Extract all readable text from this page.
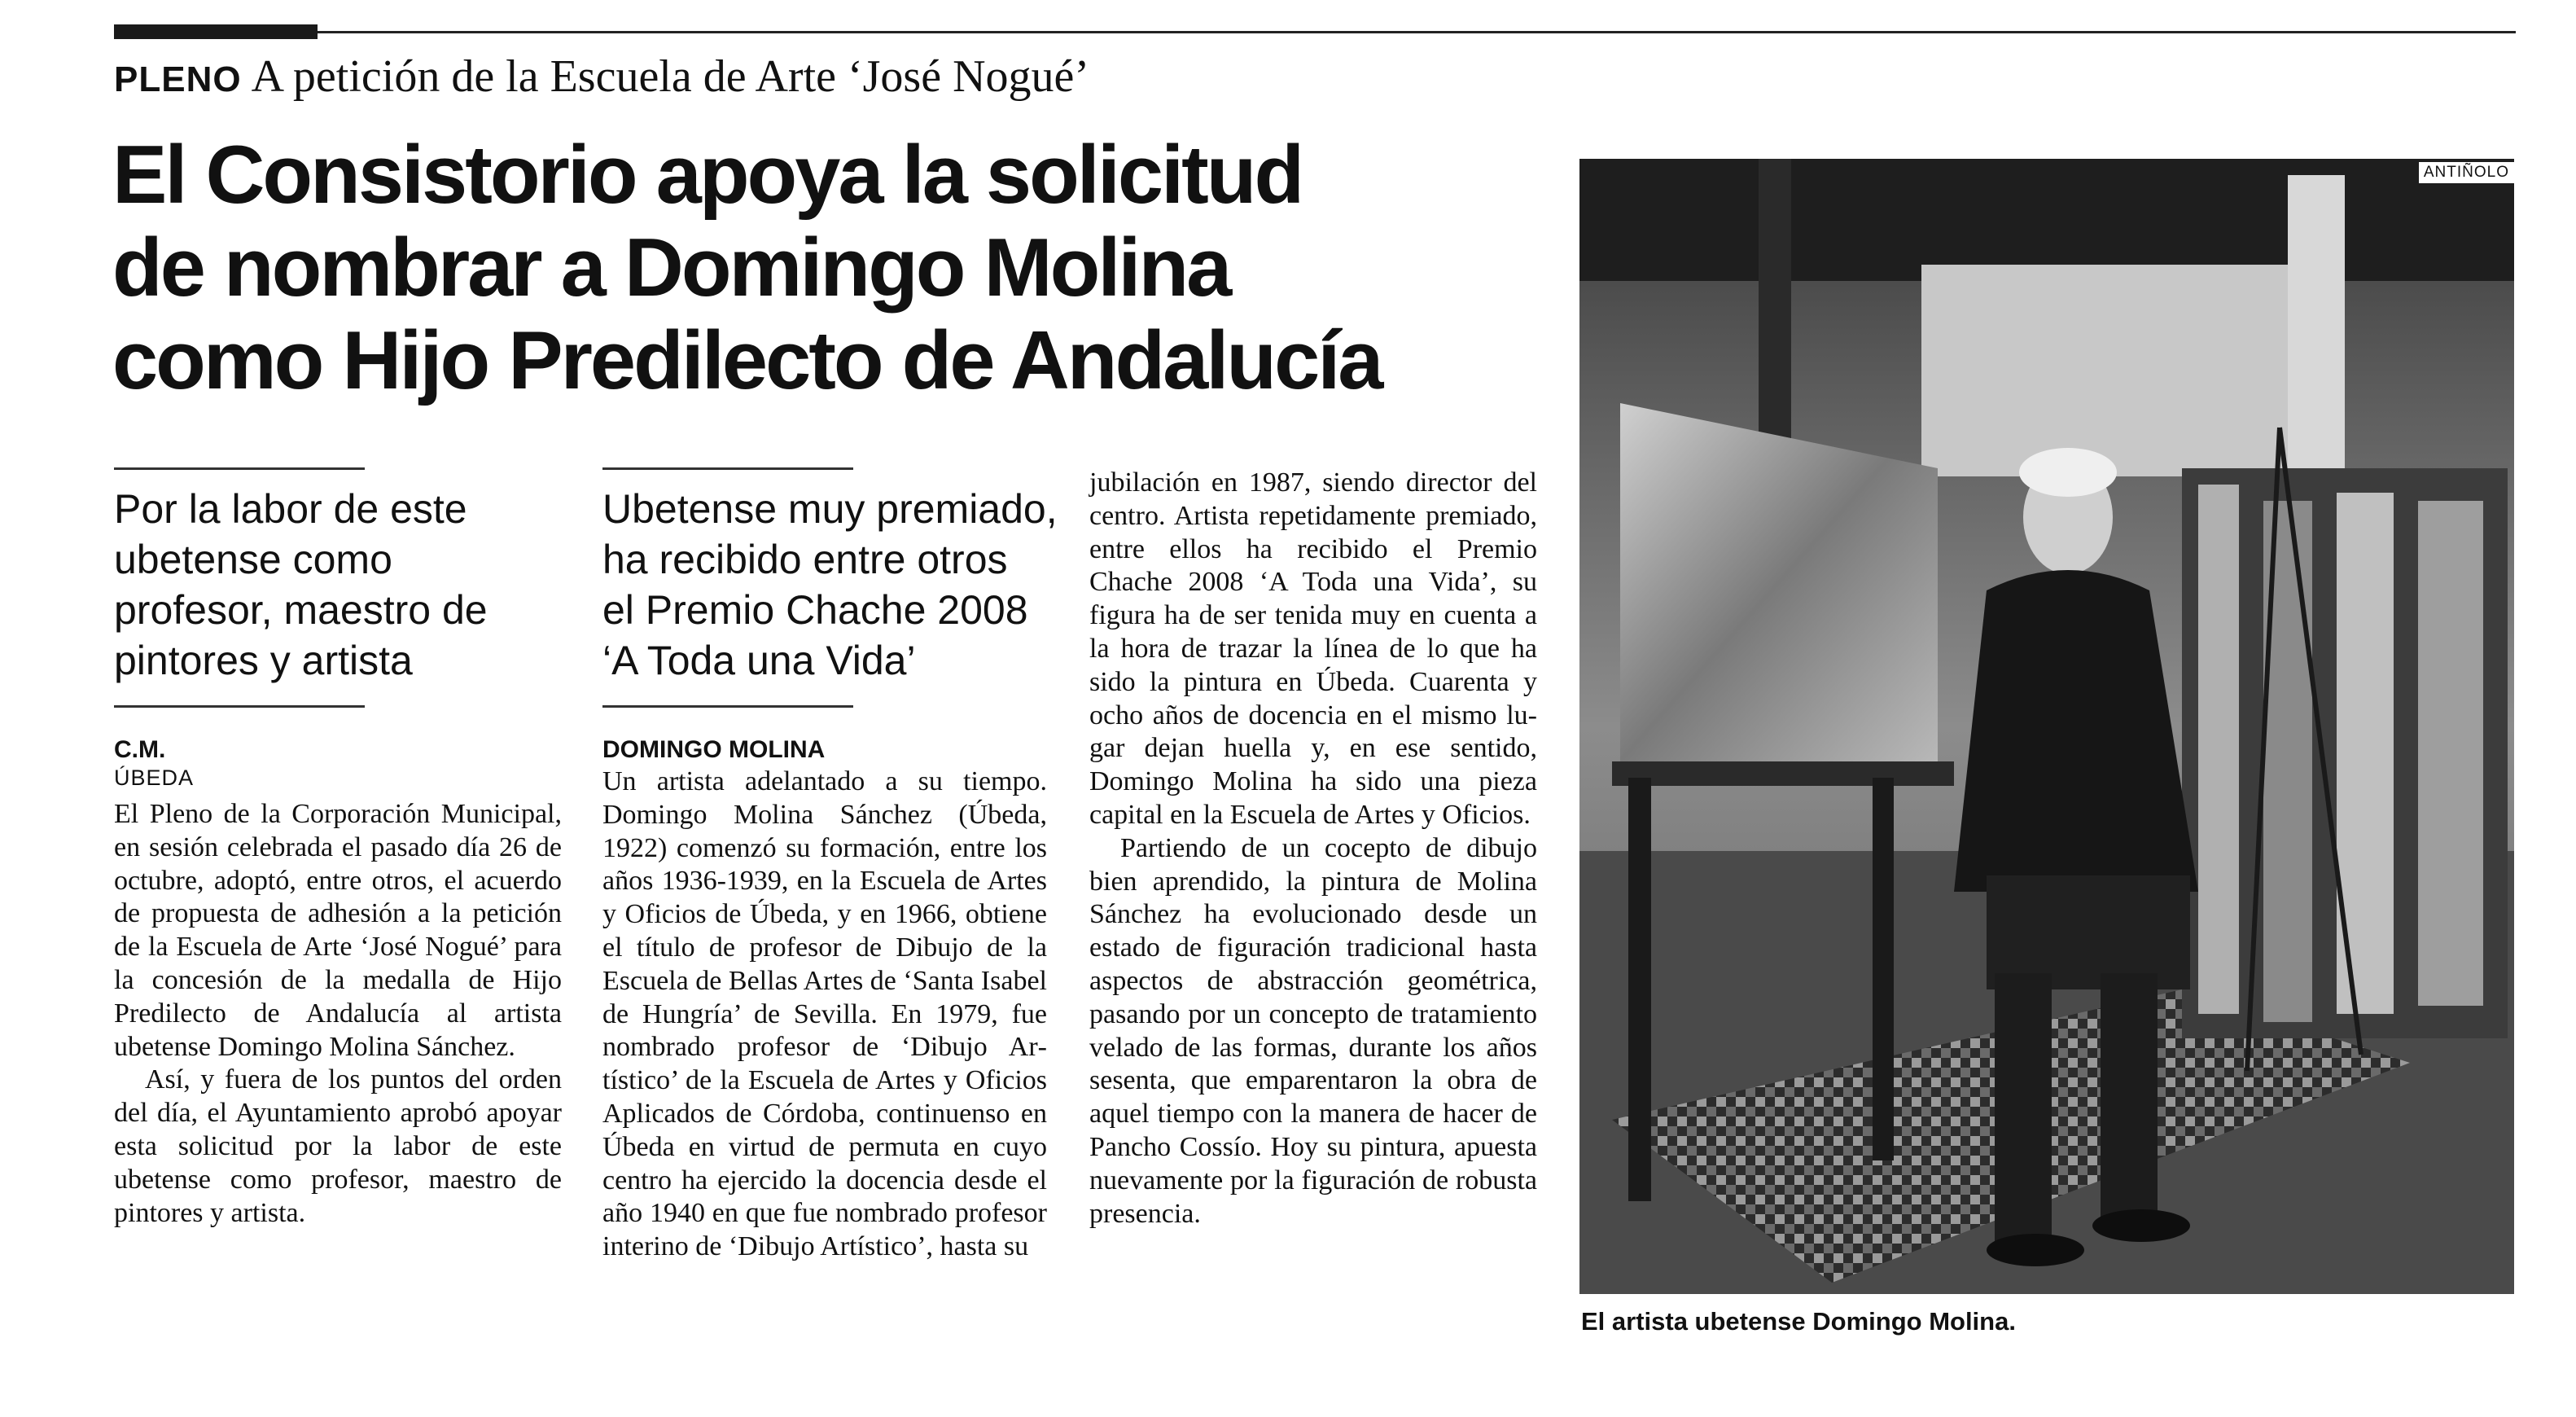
PLENO A petición de la Escuela de Arte ‘José Nogué’
El Consistorio apoya la solicitud
de nombrar a Domingo Molina
como Hijo Predilecto de Andalucía
Por la labor de este
ubetense como
profesor, maestro de
pintores y artista
Ubetense muy premiado,
ha recibido entre otros
el Premio Chache 2008
‘A Toda una Vida’
C.M.
ÚBEDA

El Pleno de la Corporación Municipal, en sesión celebrada el pasado día 26 de octubre, adoptó, entre otros, el acuerdo de propuesta de adhesión a la petición de la Escuela de Arte ‘José Nogué’ para la concesión de la medalla de Hijo Predilecto de Andalucía al artista ubetense Domingo Molina Sánchez.

Así, y fuera de los puntos del orden del día, el Ayuntamiento aprobó apoyar esta solicitud por la labor de este ubetense como profesor, maestro de pintores y artista.

DOMINGO MOLINA

Un artista adelantado a su tiempo. Domingo Molina Sánchez (Úbeda, 1922) comenzó su formación, entre los años 1936-1939, en la Escuela de Artes y Oficios de Úbeda, y en 1966, obtiene el título de profesor de Dibujo de la Escuela de Bellas Artes de ‘Santa Isabel de Hungría’ de Sevilla. En 1979, fue nombrado profesor de ‘Dibujo Artístico’ de la Escuela de Artes y Oficios Aplicados de Córdoba, continuenso en Úbeda en virtud de permuta en cuyo centro ha ejercido la docencia desde el año 1940 en que fue nombrado profesor interino de ‘Dibujo Artístico’, hasta su

jubilación en 1987, siendo director del centro. Artista repetidamente premiado, entre ellos ha recibido el Premio Chache 2008 ‘A Toda una Vida’, su figura ha de ser tenida muy en cuenta a la hora de trazar la línea de lo que ha sido la pintura en Úbeda. Cuarenta y ocho años de docencia en el mismo lugar dejan huella y, en ese sentido, Domingo Molina ha sido una pieza capital en la Escuela de Artes y Oficios.

Partiendo de un cocepto de dibujo bien aprendido, la pintura de Molina Sánchez ha evolucionado desde un estado de figuración tradicional hasta aspectos de abstracción geométrica, pasando por un concepto de tratamiento velado de las formas, durante los años sesenta, que emparentaron la obra de aquel tiempo con la manera de hacer de Pancho Cossío. Hoy su pintura, apuesta nuevamente por la figuración de robusta presencia.

ANTIÑOLO
El artista ubetense Domingo Molina.
